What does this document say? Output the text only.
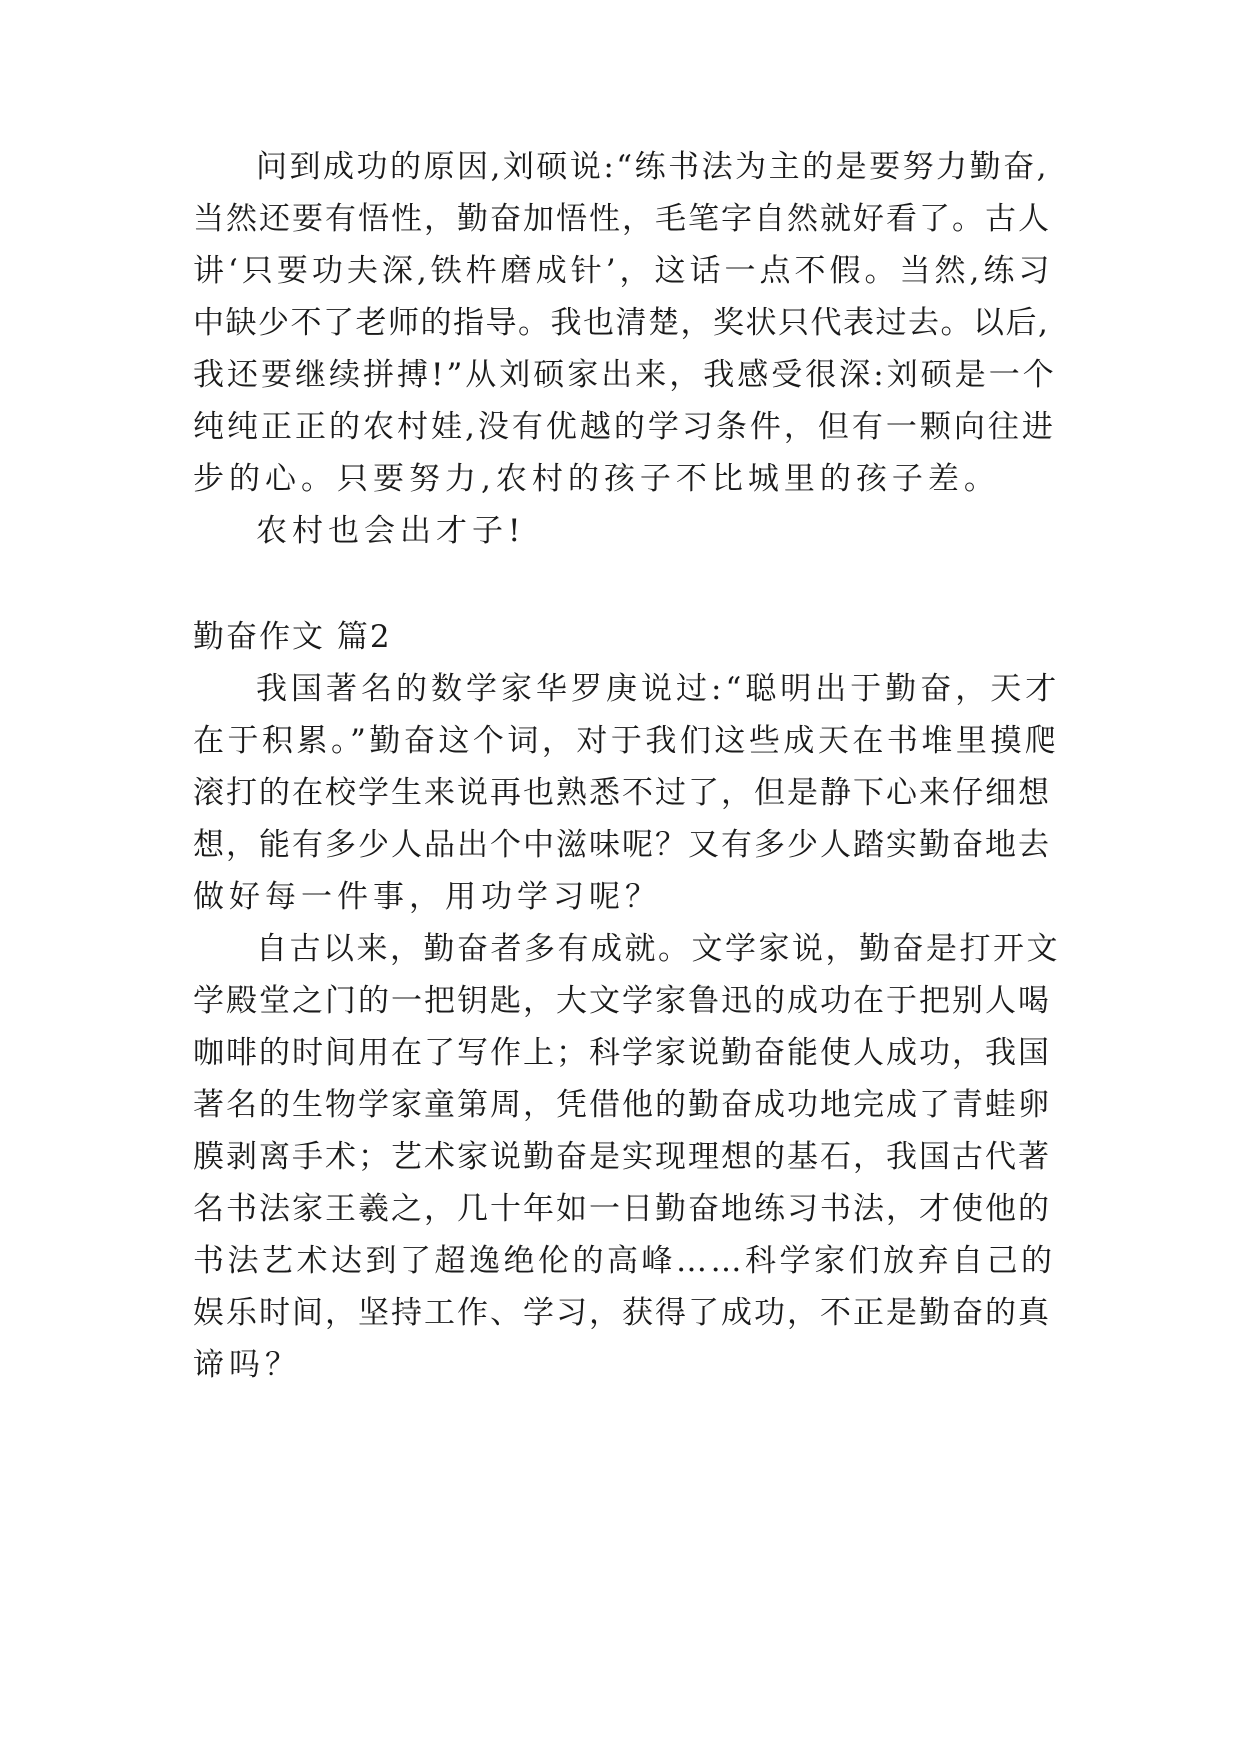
问到成功的原因,刘硕说:“练书法为主的是要努力勤奋,
当然还要有悟性，勤奋加悟性，毛笔字自然就好看了。古人
讲‘只要功夫深,铁杵磨成针’，这话一点不假。当然,练习
中缺少不了老师的指导。我也清楚，奖状只代表过去。以后,
我还要继续拼搏!”从刘硕家出来，我感受很深:刘硕是一个
纯纯正正的农村娃,没有优越的学习条件，但有一颗向往进
步的心。只要努力,农村的孩子不比城里的孩子差。
农村也会出才子!
勤奋作文 篇2
我国著名的数学家华罗庚说过:“聪明出于勤奋，天才
在于积累。”勤奋这个词，对于我们这些成天在书堆里摸爬
滚打的在校学生来说再也熟悉不过了，但是静下心来仔细想
想，能有多少人品出个中滋味呢？又有多少人踏实勤奋地去
做好每一件事，用功学习呢？
自古以来，勤奋者多有成就。文学家说，勤奋是打开文
学殿堂之门的一把钥匙，大文学家鲁迅的成功在于把别人喝
咖啡的时间用在了写作上；科学家说勤奋能使人成功，我国
著名的生物学家童第周，凭借他的勤奋成功地完成了青蛙卵
膜剥离手术；艺术家说勤奋是实现理想的基石，我国古代著
名书法家王羲之，几十年如一日勤奋地练习书法，才使他的
书法艺术达到了超逸绝伦的高峰……科学家们放弃自己的
娱乐时间，坚持工作、学习，获得了成功，不正是勤奋的真
谛吗？
